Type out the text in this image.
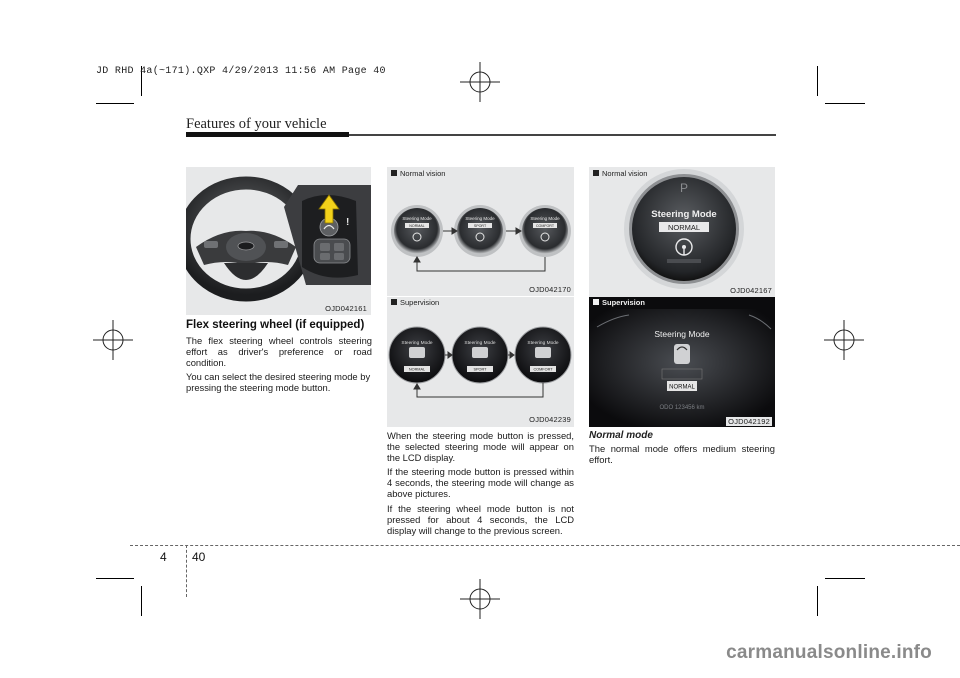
JD RHD 4a(~171).QXP 4/29/2013 11:56 AM Page 40
Features of your vehicle
!
OJD042161
Flex steering wheel (if equipped)

The flex steering wheel controls steering effort as driver's preference or road condition.

You can select the desired steering mode by pressing the steering mode button.

Normal vision
Steering Mode
NORMAL
Steering Mode
SPORT
Steering Mode
COMFORT
OJD042170
Supervision
Steering Mode
NORMAL
Steering Mode
SPORT
Steering Mode
COMFORT
OJD042239

When the steering mode button is pressed, the selected steering mode will appear on the LCD display.

If the steering mode button is pressed within 4 seconds, the steering mode will change as above pictures.

If the steering wheel mode button is not pressed for about 4 seconds, the LCD display will change to the previous screen.

Normal vision
P
Steering Mode
NORMAL
OJD042167
Supervision
Steering Mode
NORMAL
ODO 123456 km
OJD042192
Normal mode

The normal mode offers medium steering effort.

4 40
carmanualsonline.info
